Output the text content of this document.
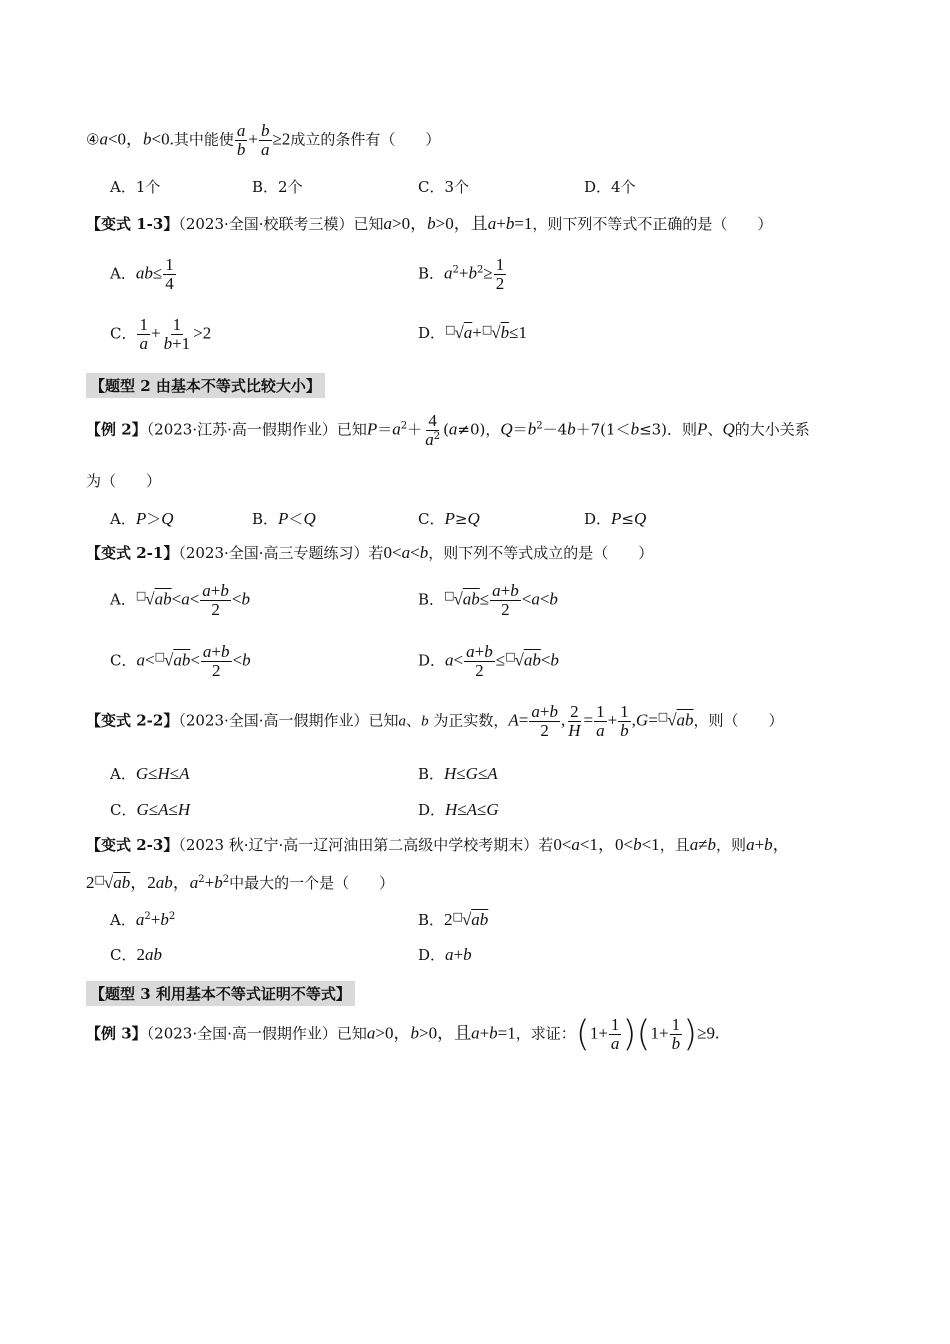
④a<0，b<0.其中能使 $\frac{a}{b} + \frac{b}{a} \ge 2$成立的条件有（　　）
A．1个	B．2个	C．3个	D．4个
【变式 1-3】（2023·全国·校联考三模）已知a>0，b>0，且a+b=1，则下列不等式不正确的是（　　）
A．$ab\le \frac{1}{4}$	B．$a^2+b^2\ge \frac{1}{2}$
C． $\frac{1}{a} + \frac{1}{b+1} >2$	D．□√a+□√b≤1
【题型 2 由基本不等式比较大小】
【例 2】（2023·江苏·高一假期作业）已知$P=a^2+ \frac{4}{a^2} (a\ne 0)$，$Q=b^2-4b+7(1<b\le 3)$．则P、Q的大小关系
为（　　）
A．P＞Q	B．P＜Q	C．P≥Q	D．P≤Q
【变式 2-1】（2023·全国·高三专题练习）若0<a<b，则下列不等式成立的是（　　）
A．$^□√ab<a< \frac{a+b}{2} <b$	B．$^□√ab\le \frac{a+b}{2} <a<b$
C．$a<^□√ab< \frac{a+b}{2} <b$	D．$a< \frac{a+b}{2} \le^□√ab<b$
【变式 2-2】（2023·全国·高一假期作业）已知a、b 为正实数，$A= \frac{a+b}{2}$ , $\frac{2}{H} = \frac{1}{a} + \frac{1}{b} ,G=^□√ab$，则（　　）
A．G≤H≤A	B．H≤G≤A
C．G≤A≤H	D．H≤A≤G
【变式 2-3】（2023 秋·辽宁·高一辽河油田第二高级中学校考期末）若0<a<1，0<b<1，且a≠b，则a+b，
2□√ab，2ab，$a^2+b^2$中最大的一个是（　　）
A．$a^2+b^2$	B．2□√ab
C．2ab	D．a+b
【题型 3 利用基本不等式证明不等式】
【例 3】（2023·全国·高一假期作业）已知a>0，b>0，且a+b=1，求证：$(1+ \frac{1}{a} )(1+ \frac{1}{b} )\ge 9$.
